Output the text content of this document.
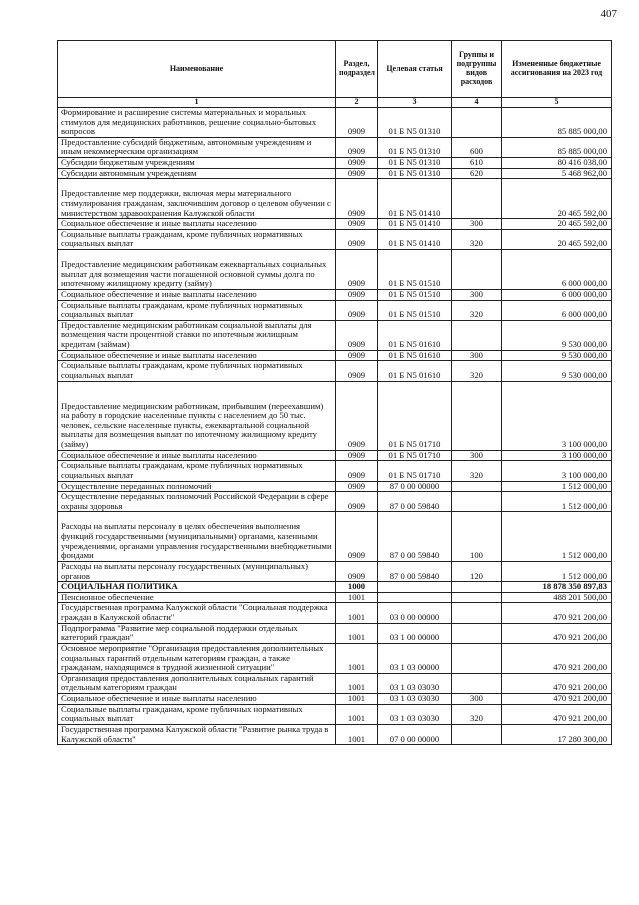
407
Наименование	Раздел, подраздел	Целевая статья	Группы и подгруппы видов расходов	Измененные бюджетные ассигнования на 2023 год
1	2	3	4	5
Формирование и расширение системы материальных и моральных стимулов для медицинских работников, решение социально-бытовых вопросов	0909	01 Б N5 01310		85 885 000,00
Предоставление субсидий бюджетным, автономным учреждениям и иным некоммерческим организациям	0909	01 Б N5 01310	600	85 885 000,00
Субсидии бюджетным учреждениям	0909	01 Б N5 01310	610	80 416 038,00
Субсидии автономным учреждениям	0909	01 Б N5 01310	620	5 468 962,00

Предоставление мер поддержки, включая меры материального стимулирования гражданам, заключившим договор о целевом обучении с министерством здравоохранения Калужской области	0909	01 Б N5 01410		20 465 592,00
Социальное обеспечение и иные выплаты населению	0909	01 Б N5 01410	300	20 465 592,00
Социальные выплаты гражданам, кроме публичных нормативных социальных выплат	0909	01 Б N5 01410	320	20 465 592,00

Предоставление медицинским работникам ежеквартальных социальных выплат для возмещения части погашенной основной суммы долга по ипотечному жилищному кредиту (займу)	0909	01 Б N5 01510		6 000 000,00
Социальное обеспечение и иные выплаты населению	0909	01 Б N5 01510	300	6 000 000,00
Социальные выплаты гражданам, кроме публичных нормативных социальных выплат	0909	01 Б N5 01510	320	6 000 000,00
Предоставление медицинским работникам социальной выплаты для возмещения части процентной ставки по ипотечным жилищным кредитам (займам)	0909	01 Б N5 01610		9 530 000,00
Социальное обеспечение и иные выплаты населению	0909	01 Б N5 01610	300	9 530 000,00
Социальные выплаты гражданам, кроме публичных нормативных социальных выплат	0909	01 Б N5 01610	320	9 530 000,00

Предоставление медицинским работникам, прибывшим (переехавшим) на работу в городские населенные пункты с населением до 50 тыс. человек, сельские населенные пункты, ежеквартальной социальной выплаты для возмещения выплат по ипотечному жилищному кредиту (займу)	0909	01 Б N5 01710		3 100 000,00
Социальное обеспечение и иные выплаты населению	0909	01 Б N5 01710	300	3 100 000,00
Социальные выплаты гражданам, кроме публичных нормативных социальных выплат	0909	01 Б N5 01710	320	3 100 000,00
Осуществление переданных полномочий	0909	87 0 00 00000		1 512 000,00
Осуществление переданных полномочий Российской Федерации в сфере охраны здоровья	0909	87 0 00 59840		1 512 000,00

Расходы на выплаты персоналу в целях обеспечения выполнения функций государственными (муниципальными) органами, казенными учреждениями, органами управления государственными внебюджетными фондами	0909	87 0 00 59840	100	1 512 000,00
Расходы на выплаты персоналу государственных (муниципальных) органов	0909	87 0 00 59840	120	1 512 000,00
СОЦИАЛЬНАЯ ПОЛИТИКА	1000			18 878 350 897,83
Пенсионное обеспечение	1001			488 201 500,00
Государственная программа Калужской области "Социальная поддержка граждан в Калужской области"	1001	03 0 00 00000		470 921 200,00
Подпрограмма "Развитие мер социальной поддержки отдельных категорий граждан"	1001	03 1 00 00000		470 921 200,00
Основное мероприятие "Организация предоставления дополнительных социальных гарантий отдельным категориям граждан, а также гражданам, находящимся в трудной жизненной ситуации"	1001	03 1 03 00000		470 921 200,00
Организация предоставления дополнительных социальных гарантий отдельным категориям граждан	1001	03 1 03 03030		470 921 200,00
Социальное обеспечение и иные выплаты населению	1001	03 1 03 03030	300	470 921 200,00
Социальные выплаты гражданам, кроме публичных нормативных социальных выплат	1001	03 1 03 03030	320	470 921 200,00
Государственная программа Калужской области "Развитие рынка труда в Калужской области"	1001	07 0 00 00000		17 280 300,00
